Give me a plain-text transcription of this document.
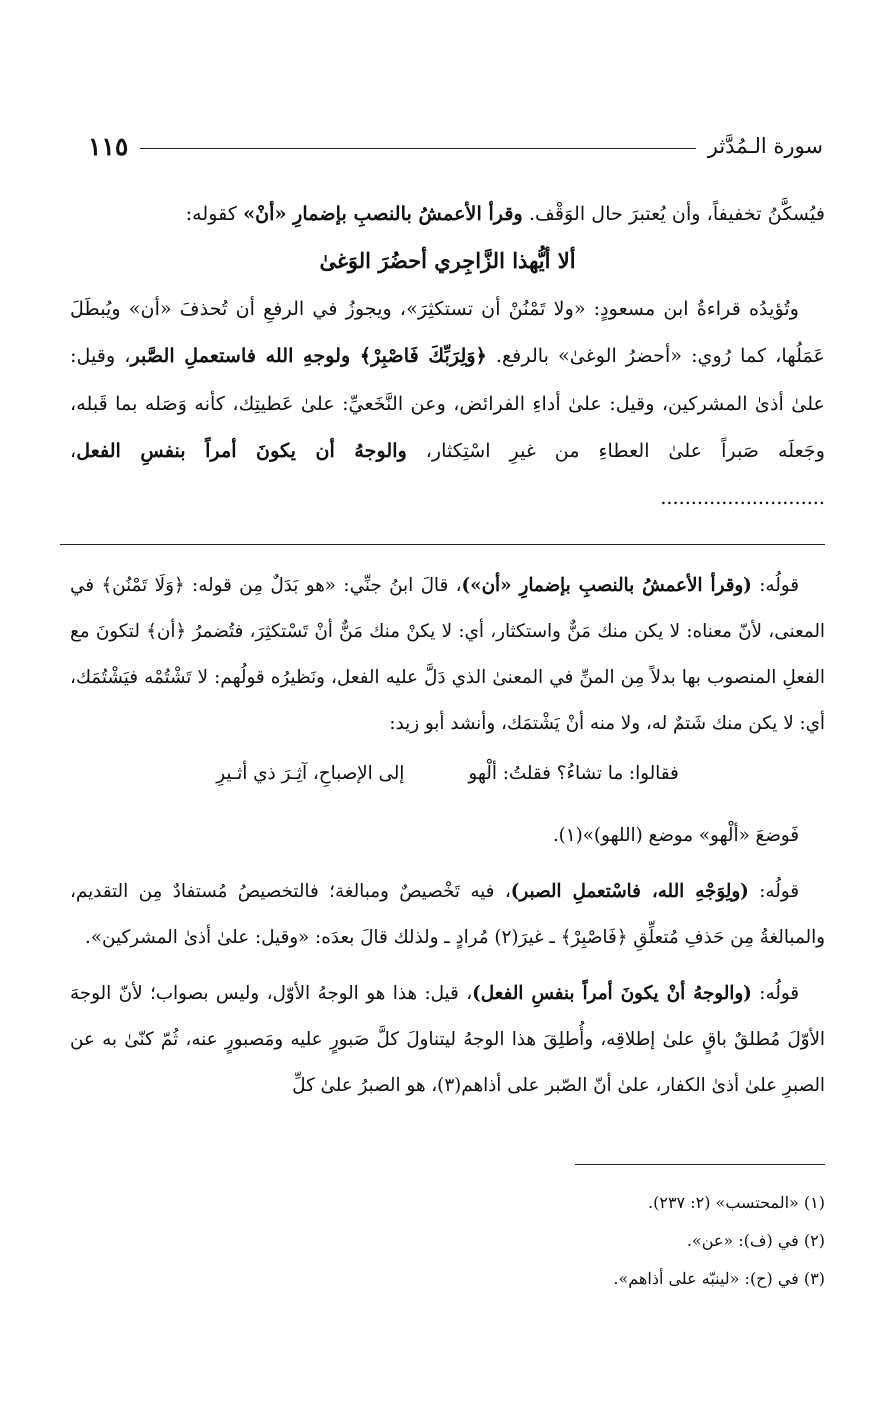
سورة الـمُدَّثر
١١٥

فيُسكَّنُ تخفيفاً، وأن يُعتبرَ حال الوَقْف. وقرأ الأعمشُ بالنصبِ بإضمارِ «أنْ» كقوله:

ألا أيُّهذا الزَّاجِري أحضُرَ الوَغىٰ

وتُؤيدُه قراءةُ ابن مسعودٍ: «ولا تَمْنُنْ أن تستكثِرَ»، ويجوزُ في الرفعِ أن تُحذفَ «أن» ويُبطَلَ عَمَلُها، كما رُوي: «أحضرُ الوغىٰ» بالرفع. ﴿وَلِرَبِّكَ فَاصْبِرْ﴾ ولوجهِ الله فاستعملِ الصَّبر، وقيل: علىٰ أذىٰ المشركين، وقيل: علىٰ أداءِ الفرائض، وعن النَّخَعيِّ: علىٰ عَطيتِك، كأنه وَصَله بما قَبله، وجَعلَه صَبراً علىٰ العطاءِ من غيرِ اسْتِكثار، والوجهُ أن يكونَ أمراً بنفسِ الفعل، ...........................

قولُه: (وقرأ الأعمشُ بالنصبِ بإضمارِ «أن»)، قالَ ابنُ جنِّي: «هو بَدَلٌ مِن قوله: ﴿وَلَا تَمْنُن﴾ في المعنى، لأنّ معناه: لا يكن منك مَنٌّ واستكثار، أي: لا يكنْ منك مَنٌّ أنْ تَسْتكثِرَ، فتُضمرُ ﴿أن﴾ لتكونَ مع الفعلِ المنصوب بها بدلاً مِن المنِّ في المعنىٰ الذي دَلَّ عليه الفعل، ونَظيرُه قولُهم: لا تَشْتُمْه فيَشْتُمَك، أي: لا يكن منك شَتمٌ له، ولا منه أنْ يَشْتمَك، وأنشد أبو زيد:

فقالوا: ما تشاءُ؟ فقلتُ: ألْهو
إلى الإصباحِ، آثِـرَ ذي أثـيرِ

فَوضعَ «ألْهو» موضع (اللهو)»(١).

قولُه: (ولِوَجْهِ الله، فاسْتعملِ الصبر)، فيه تَخْصيصٌ ومبالغة؛ فالتخصيصُ مُستفادٌ مِن التقديم، والمبالغةُ مِن حَذفِ مُتعلِّقِ ﴿فَاصْبِرْ﴾ ـ غيرَ(٢) مُرادٍ ـ ولذلك قالَ بعدَه: «وقيل: علىٰ أذىٰ المشركين».

قولُه: (والوجهُ أنْ يكونَ أمراً بنفسِ الفعل)، قيل: هذا هو الوجهُ الأوّل، وليس بصواب؛ لأنّ الوجهَ الأوّلَ مُطلقٌ باقٍ علىٰ إطلاقِه، وأُطلِقَ هذا الوجهُ ليتناولَ كلَّ صَبورٍ عليه ومَصبورٍ عنه، ثُمّ كنّىٰ به عن الصبرِ علىٰ أذىٰ الكفار، علىٰ أنّ الصّبر على أذاهم(٣)، هو الصبرُ علىٰ كلِّ

(١) «المحتسب» (٢: ٢٣٧).

(٢) في (ف): «عن».

(٣) في (ح): «لينبّه على أذاهم».
